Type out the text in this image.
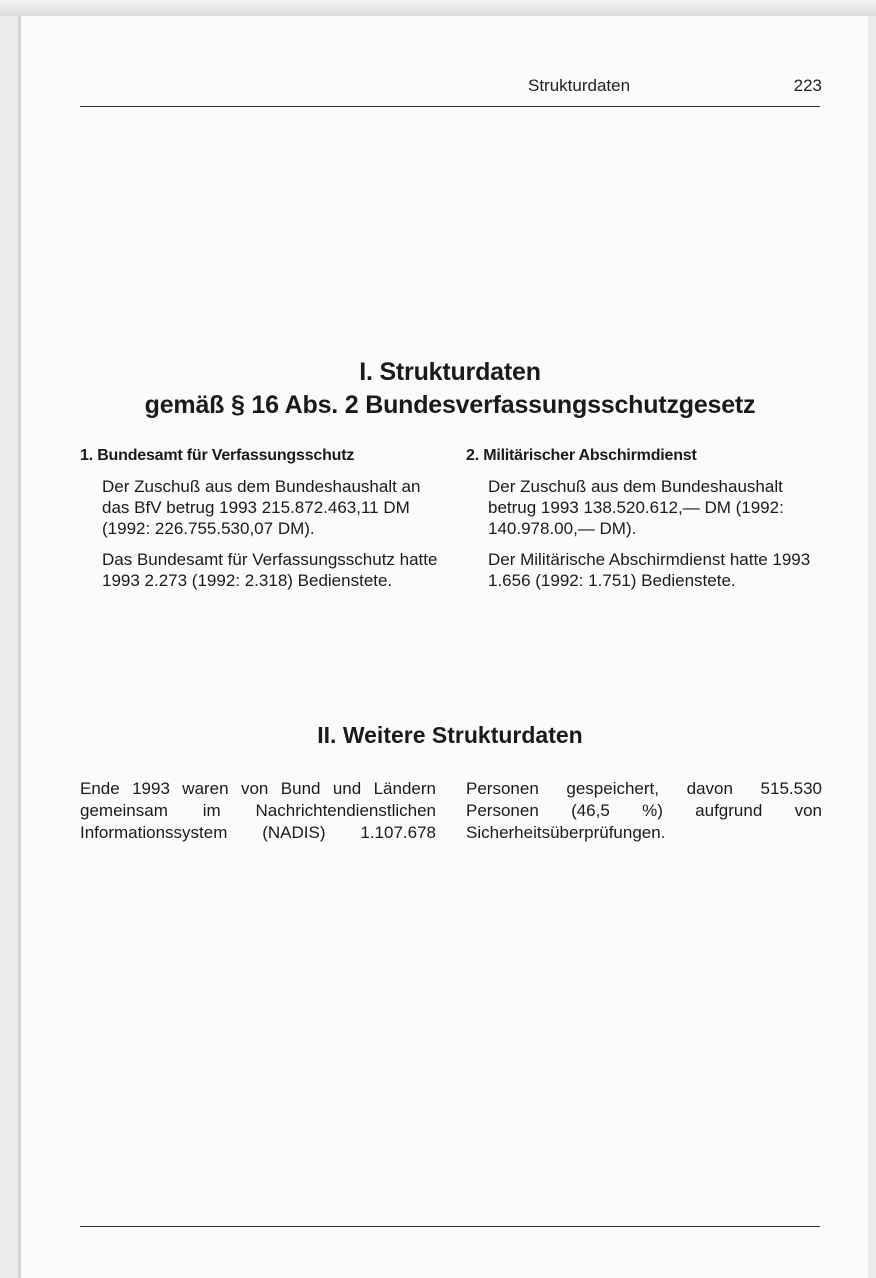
Strukturdaten	223
I. Strukturdaten
gemäß § 16 Abs. 2 Bundesverfassungsschutzgesetz
1. Bundesamt für Verfassungsschutz

Der Zuschuß aus dem Bundeshaushalt an das BfV betrug 1993 215.872.463,11 DM (1992: 226.755.530,07 DM).

Das Bundesamt für Verfassungsschutz hatte 1993 2.273 (1992: 2.318) Bedienstete.

2. Militärischer Abschirmdienst

Der Zuschuß aus dem Bundeshaushalt betrug 1993 138.520.612,— DM (1992: 140.978.00,— DM).

Der Militärische Abschirmdienst hatte 1993 1.656 (1992: 1.751) Bedienstete.

II. Weitere Strukturdaten
Ende 1993 waren von Bund und Ländern gemeinsam im Nachrichtendienstlichen Informationssystem (NADIS) 1.107.678
Personen gespeichert, davon 515.530 Personen (46,5 %) aufgrund von Sicherheitsüberprüfungen.
